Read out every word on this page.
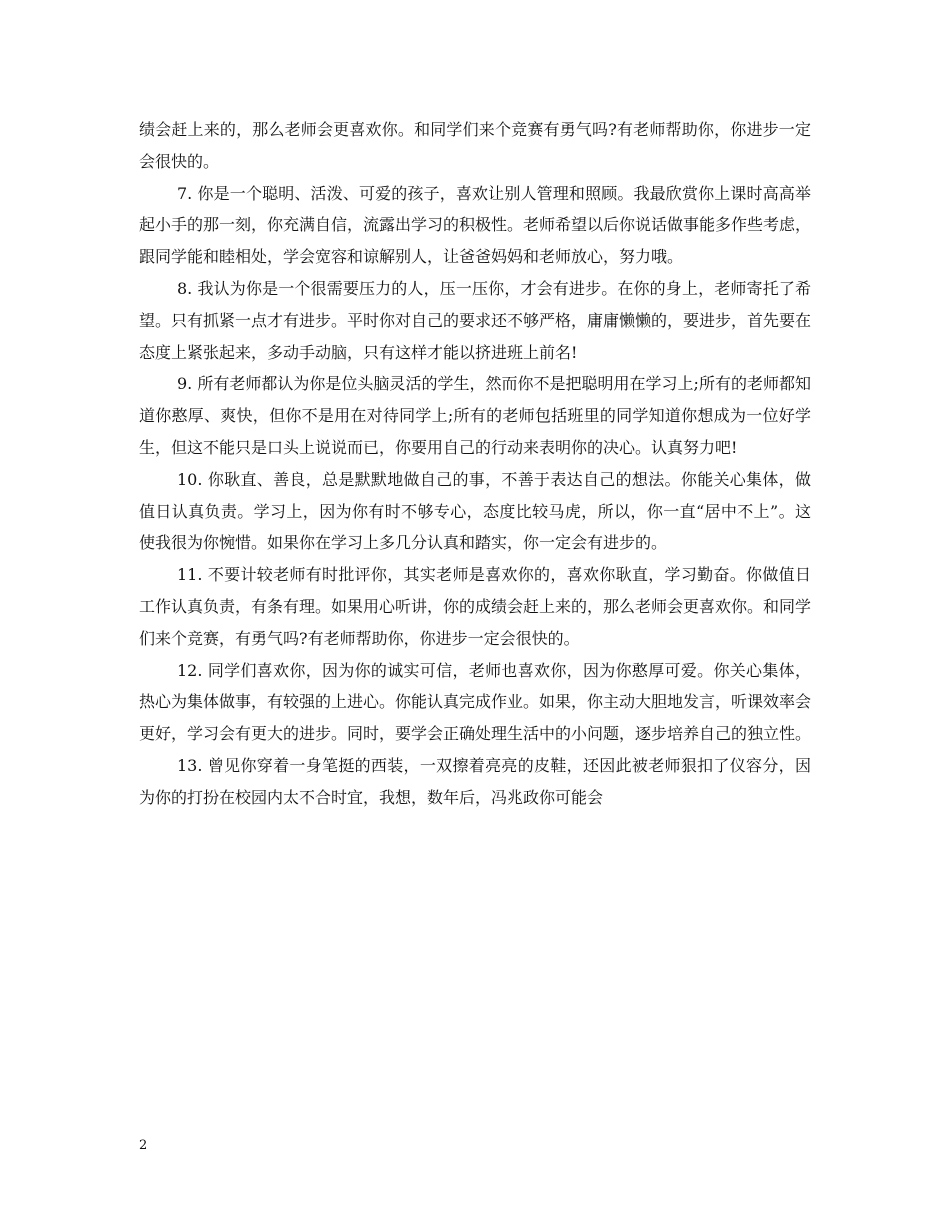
绩会赶上来的，那么老师会更喜欢你。和同学们来个竞赛有勇气吗?有老师帮助你，你进步一定会很快的。

7. 你是一个聪明、活泼、可爱的孩子，喜欢让别人管理和照顾。我最欣赏你上课时高高举起小手的那一刻，你充满自信，流露出学习的积极性。老师希望以后你说话做事能多作些考虑，跟同学能和睦相处，学会宽容和谅解别人，让爸爸妈妈和老师放心，努力哦。

8. 我认为你是一个很需要压力的人，压一压你，才会有进步。在你的身上，老师寄托了希望。只有抓紧一点才有进步。平时你对自己的要求还不够严格，庸庸懒懒的，要进步，首先要在态度上紧张起来，多动手动脑，只有这样才能以挤进班上前名!

9. 所有老师都认为你是位头脑灵活的学生，然而你不是把聪明用在学习上;所有的老师都知道你憨厚、爽快，但你不是用在对待同学上;所有的老师包括班里的同学知道你想成为一位好学生，但这不能只是口头上说说而已，你要用自己的行动来表明你的决心。认真努力吧!

10. 你耿直、善良，总是默默地做自己的事，不善于表达自己的想法。你能关心集体，做值日认真负责。学习上，因为你有时不够专心，态度比较马虎，所以，你一直“居中不上”。这使我很为你惋惜。如果你在学习上多几分认真和踏实，你一定会有进步的。

11. 不要计较老师有时批评你，其实老师是喜欢你的，喜欢你耿直，学习勤奋。你做值日工作认真负责，有条有理。如果用心听讲，你的成绩会赶上来的，那么老师会更喜欢你。和同学们来个竞赛，有勇气吗?有老师帮助你，你进步一定会很快的。

12. 同学们喜欢你，因为你的诚实可信，老师也喜欢你，因为你憨厚可爱。你关心集体，热心为集体做事，有较强的上进心。你能认真完成作业。如果，你主动大胆地发言，听课效率会更好，学习会有更大的进步。同时，要学会正确处理生活中的小问题，逐步培养自己的独立性。

13. 曾见你穿着一身笔挺的西装，一双擦着亮亮的皮鞋，还因此被老师狠扣了仪容分，因为你的打扮在校园内太不合时宜，我想，数年后，冯兆政你可能会

2
